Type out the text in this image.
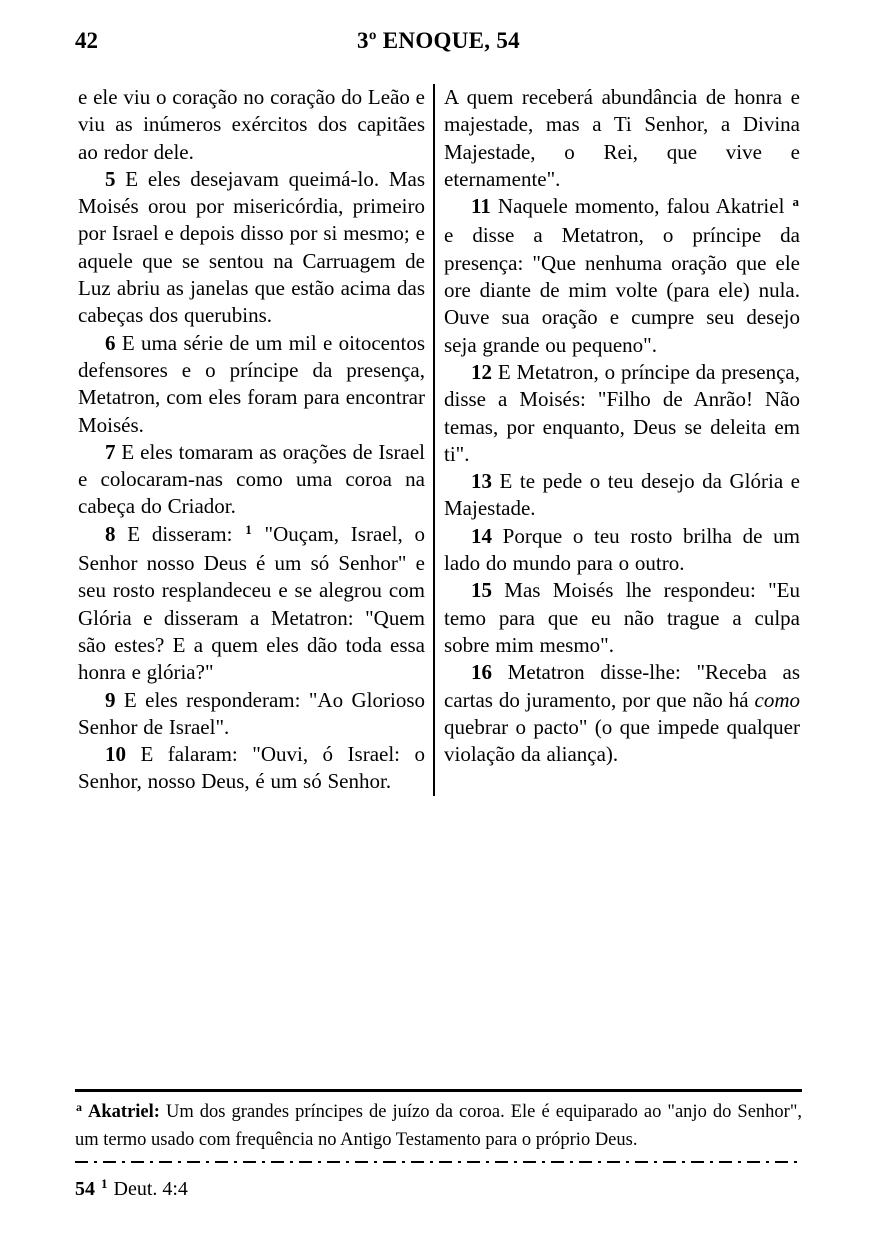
42	3º ENOQUE, 54

e ele viu o coração no coração do Leão e viu as inúmeros exércitos dos capitães ao redor dele.

5 E eles desejavam queimá-lo. Mas Moisés orou por misericórdia, primeiro por Israel e depois disso por si mesmo; e aquele que se sentou na Carruagem de Luz abriu as janelas que estão acima das cabeças dos querubins.

6 E uma série de um mil e oitocentos defensores e o príncipe da presença, Metatron, com eles foram para encontrar Moisés.

7 E eles tomaram as orações de Israel e colocaram-nas como uma coroa na cabeça do Criador.

8 E disseram: $^1$ "Ouçam, Israel, o Senhor nosso Deus é um só Senhor" e seu rosto resplandeceu e se alegrou com Glória e disseram a Metatron: "Quem são estes? E a quem eles dão toda essa honra e glória?"

9 E eles responderam: "Ao Glorioso Senhor de Israel".

10 E falaram: "Ouvi, ó Israel: o Senhor, nosso Deus, é um só Senhor.

A quem receberá abundância de honra e majestade, mas a Ti Senhor, a Divina Majestade, o Rei, que vive e eternamente".

11 Naquele momento, falou Akatriel $^a$ e disse a Metatron, o príncipe da presença: "Que nenhuma oração que ele ore diante de mim volte (para ele) nula. Ouve sua oração e cumpre seu desejo seja grande ou pequeno".

12 E Metatron, o príncipe da presença, disse a Moisés: "Filho de Anrão! Não temas, por enquanto, Deus se deleita em ti".

13 E te pede o teu desejo da Glória e Majestade.

14 Porque o teu rosto brilha de um lado do mundo para o outro.

15 Mas Moisés lhe respondeu: "Eu temo para que eu não trague a culpa sobre mim mesmo".

16 Metatron disse-lhe: "Receba as cartas do juramento, por que não há como quebrar o pacto" (o que impede qualquer violação da aliança).

$^a$ Akatriel: Um dos grandes príncipes de juízo da coroa. Ele é equiparado ao "anjo do Senhor", um termo usado com frequência no Antigo Testamento para o próprio Deus.

54 $^1$ Deut. 4:4
